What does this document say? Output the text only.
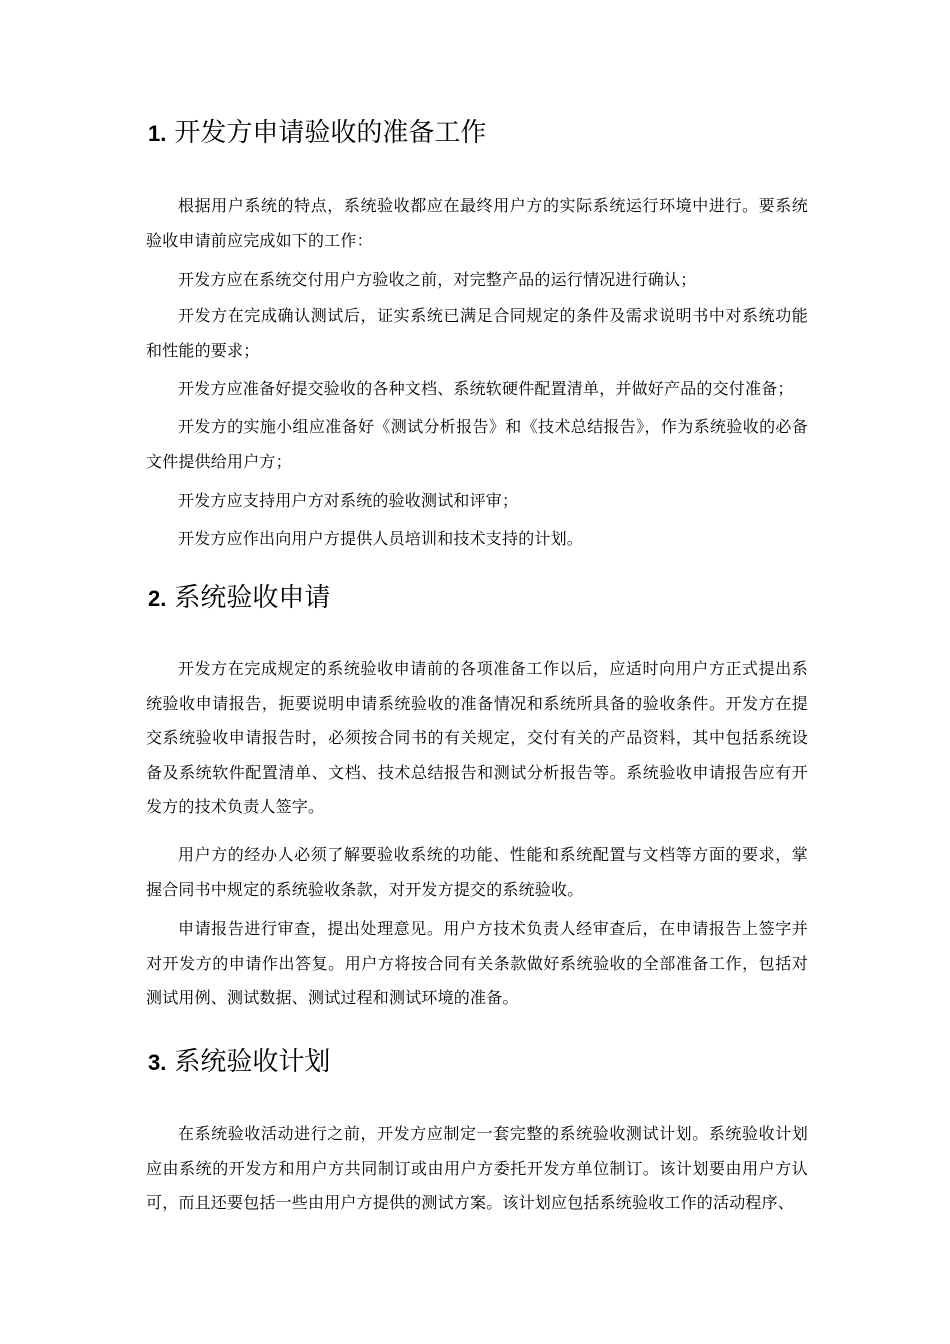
1. 开发方申请验收的准备工作

根据用户系统的特点，系统验收都应在最终用户方的实际系统运行环境中进行。要系统验收申请前应完成如下的工作：

开发方应在系统交付用户方验收之前，对完整产品的运行情况进行确认；

开发方在完成确认测试后，证实系统已满足合同规定的条件及需求说明书中对系统功能和性能的要求；

开发方应准备好提交验收的各种文档、系统软硬件配置清单，并做好产品的交付准备；

开发方的实施小组应准备好《测试分析报告》和《技术总结报告》，作为系统验收的必备文件提供给用户方；

开发方应支持用户方对系统的验收测试和评审；

开发方应作出向用户方提供人员培训和技术支持的计划。

2. 系统验收申请

开发方在完成规定的系统验收申请前的各项准备工作以后，应适时向用户方正式提出系统验收申请报告，扼要说明申请系统验收的准备情况和系统所具备的验收条件。开发方在提交系统验收申请报告时，必须按合同书的有关规定，交付有关的产品资料，其中包括系统设备及系统软件配置清单、文档、技术总结报告和测试分析报告等。系统验收申请报告应有开发方的技术负责人签字。

用户方的经办人必须了解要验收系统的功能、性能和系统配置与文档等方面的要求，掌握合同书中规定的系统验收条款，对开发方提交的系统验收。

申请报告进行审查，提出处理意见。用户方技术负责人经审查后，在申请报告上签字并对开发方的申请作出答复。用户方将按合同有关条款做好系统验收的全部准备工作，包括对测试用例、测试数据、测试过程和测试环境的准备。

3. 系统验收计划

在系统验收活动进行之前，开发方应制定一套完整的系统验收测试计划。系统验收计划应由系统的开发方和用户方共同制订或由用户方委托开发方单位制订。该计划要由用户方认可，而且还要包括一些由用户方提供的测试方案。该计划应包括系统验收工作的活动程序、
